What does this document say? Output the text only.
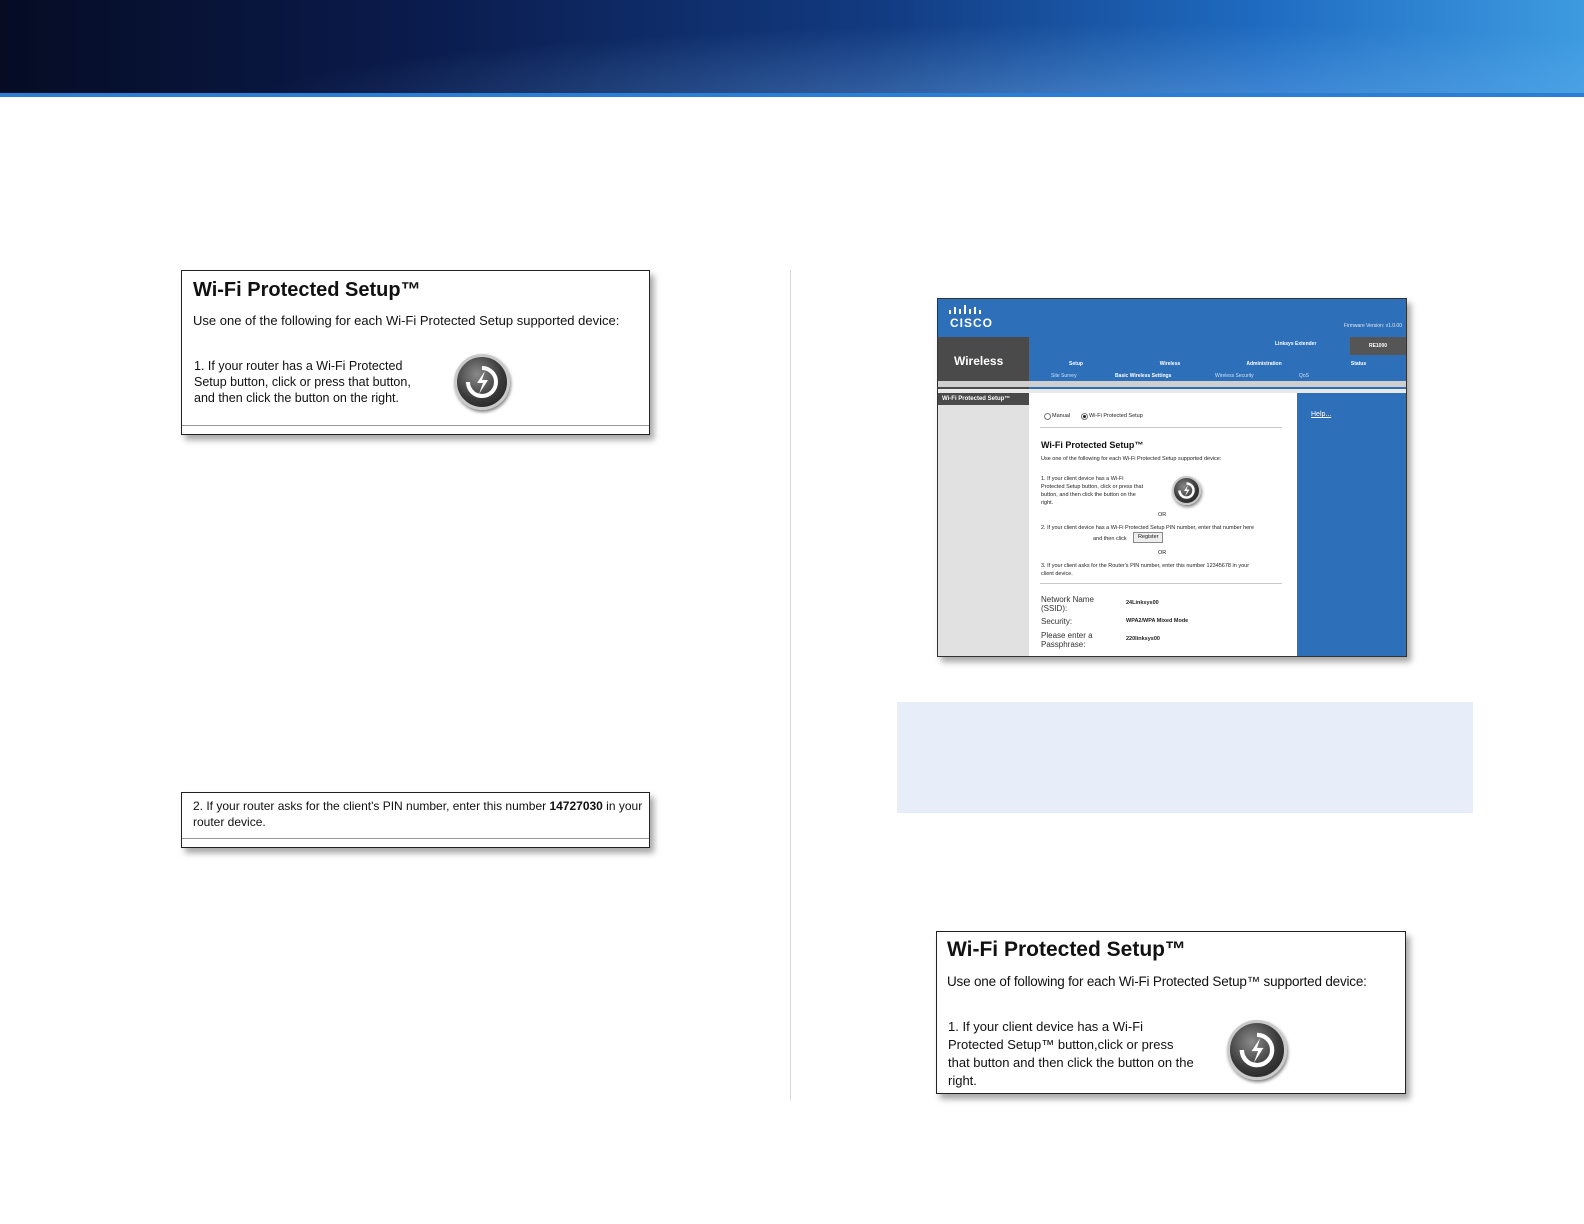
Wi-Fi Protected Setup™
Use one of the following for each Wi-Fi Protected Setup supported device:
1. If your router has a Wi-Fi Protected
Setup button, click or press that button,
and then click the button on the right.
2. If your router asks for the client's PIN number, enter this number 14727030 in your
router device.
CISCO	Firmware Version: v1.0.00
Wireless
Linksys Extender	RE1000
Setup	Wireless	Administration	Status
Site Survey	Basic Wireless Settings	Wireless Security	QoS
Wi-Fi Protected Setup™
Help...
Manual	Wi-Fi Protected Setup
Wi-Fi Protected Setup™
Use one of the following for each Wi-Fi Protected Setup supported device:
1. If your client device has a Wi-Fi
Protected Setup button, click or press that
button, and then click the button on the
right.
OR
2. If your client device has a Wi-Fi Protected Setup PIN number, enter that number here
and then click	Register
OR
3. If your client asks for the Router's PIN number, enter this number 12345678 in your
client device.
Network Name
(SSID):
24Linksys00
Security:	WPA2/WPA Mixed Mode
Please enter a
Passphrase:
220linksys00
Wi-Fi Protected Setup™
Use one of following for each Wi-Fi Protected Setup™ supported device:
1. If your client device has a Wi-Fi
Protected Setup™ button,click or press
that button and then click the button on the
right.
